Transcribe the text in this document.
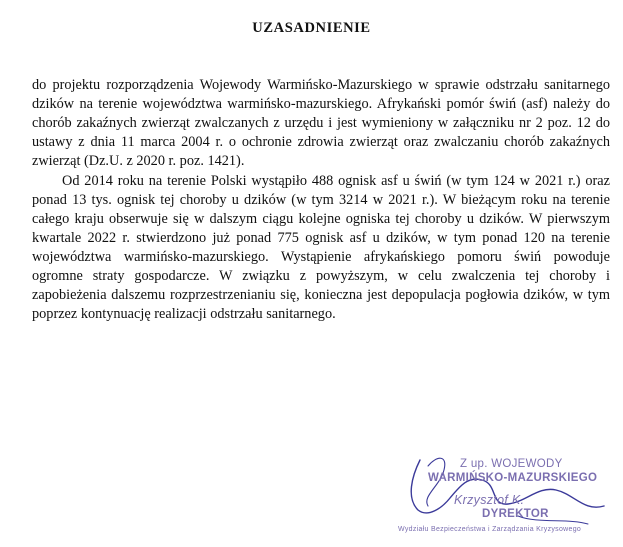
UZASADNIENIE

do projektu rozporządzenia Wojewody Warmińsko-Mazurskiego w sprawie odstrzału sanitarnego dzików na terenie województwa warmińsko-mazurskiego. Afrykański pomór świń (asf) należy do chorób zakaźnych zwierząt zwalczanych z urzędu i jest wymieniony w załączniku nr 2 poz. 12 do ustawy z dnia 11 marca 2004 r. o ochronie zdrowia zwierząt oraz zwalczaniu chorób zakaźnych zwierząt (Dz.U. z 2020 r. poz. 1421).

Od 2014 roku na terenie Polski wystąpiło 488 ognisk asf u świń (w tym 124 w 2021 r.) oraz ponad 13 tys. ognisk tej choroby u dzików (w tym 3214 w 2021 r.). W bieżącym roku na terenie całego kraju obserwuje się w dalszym ciągu kolejne ogniska tej choroby u dzików. W pierwszym kwartale 2022 r. stwierdzono już ponad 775 ognisk asf u dzików, w tym ponad 120 na terenie województwa warmińsko-mazurskiego. Wystąpienie afrykańskiego pomoru świń powoduje ogromne straty gospodarcze. W związku z powyższym, w celu zwalczenia tej choroby i zapobieżenia dalszemu rozprzestrzenianiu się, konieczna jest depopulacja pogłowia dzików, w tym poprzez kontynuację realizacji odstrzału sanitarnego.

Z up. WOJEWODY
WARMIŃSKO-MAZURSKIEGO
Krzysztof K.
DYREKTOR
Wydziału Bezpieczeństwa i Zarządzania Kryzysowego
